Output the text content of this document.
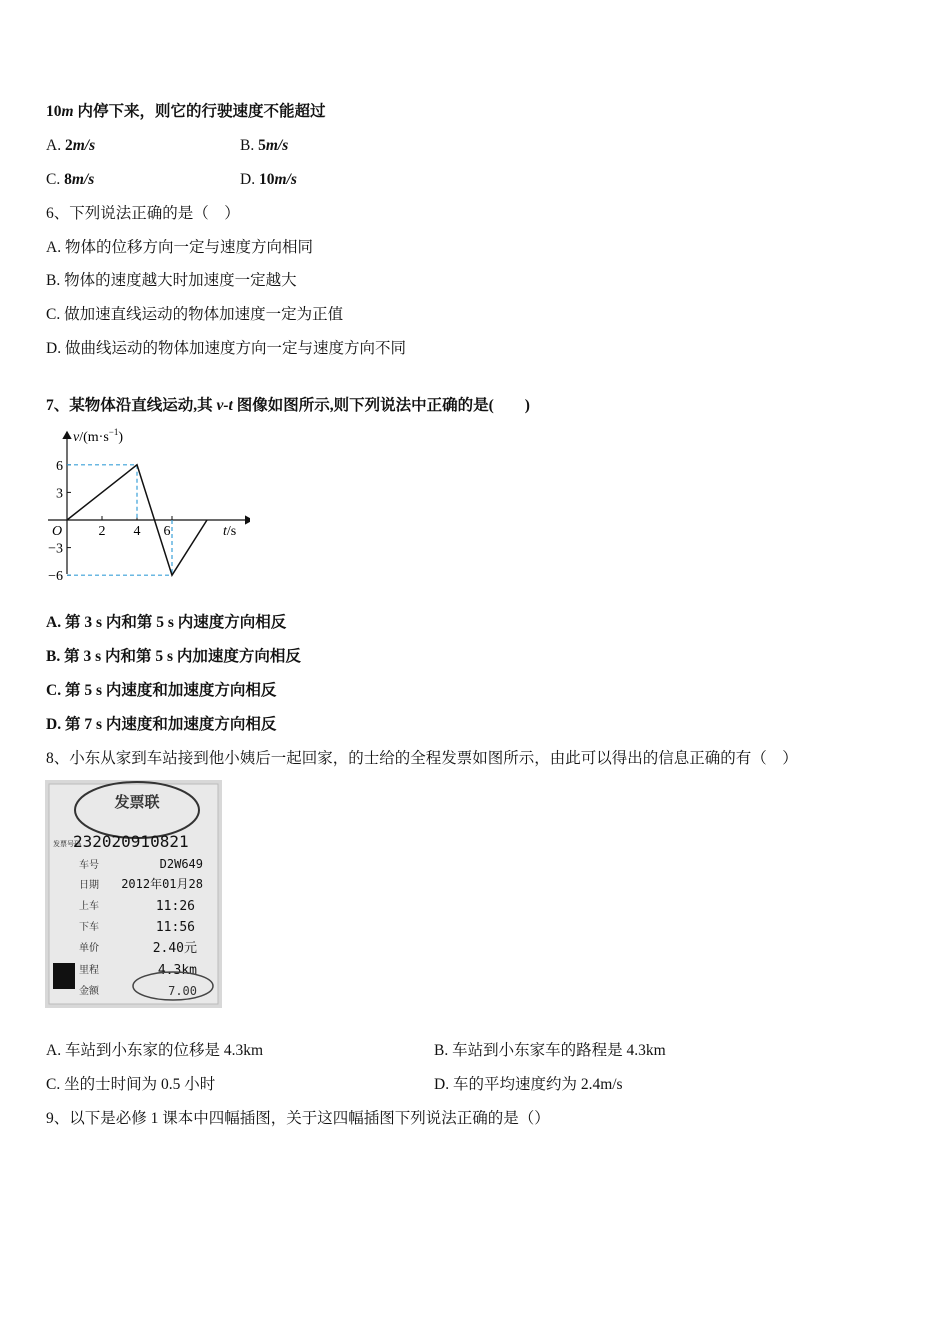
10m 内停下来，则它的行驶速度不能超过
A. 2m/s	B. 5m/s
C. 8m/s	D. 10m/s
6、下列说法正确的是（　）
A. 物体的位移方向一定与速度方向相同
B. 物体的速度越大时加速度一定越大
C. 做加速直线运动的物体加速度一定为正值
D. 做曲线运动的物体加速度方向一定与速度方向不同
7、某物体沿直线运动,其 v-t 图像如图所示,则下列说法中正确的是(　　)
$v/(m\cdot s^{-1})$
t/s
O	2 4 6
6
3
−3
−6
A. 第 3 s 内和第 5 s 内速度方向相反
B. 第 3 s 内和第 5 s 内加速度方向相反
C. 第 5 s 内速度和加速度方向相反
D. 第 7 s 内速度和加速度方向相反
8、小东从家到车站接到他小姨后一起回家，的士给的全程发票如图所示，由此可以得出的信息正确的有（　）
发票联
发票号码
232020910821
车号	D2W649
日期 2012年01月28
上车	11:26
下车	11:56
单价	2.40元
里程	4.3km
金额	7.00
A. 车站到小东家的位移是 4.3km	B. 车站到小东家车的路程是 4.3km
C. 坐的士时间为 0.5 小时	D. 车的平均速度约为 2.4m/s
9、以下是必修 1 课本中四幅插图，关于这四幅插图下列说法正确的是（）
